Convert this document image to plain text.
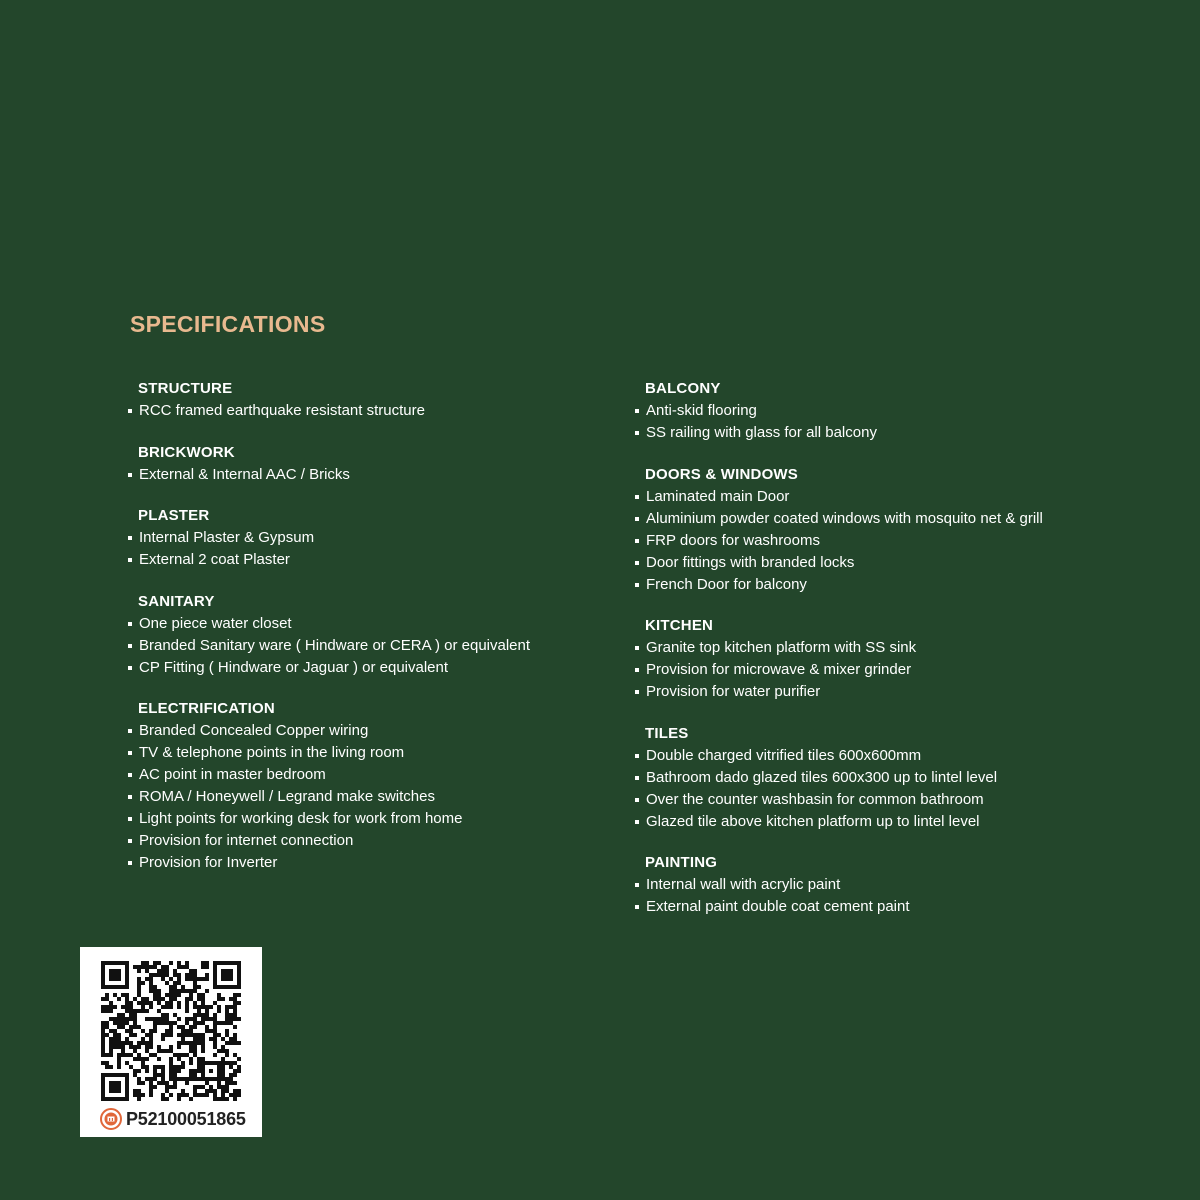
SPECIFICATIONS
STRUCTURE
RCC framed earthquake resistant structure
BRICKWORK
External & Internal AAC / Bricks
PLASTER
Internal Plaster & Gypsum
External 2 coat Plaster
SANITARY
One piece water closet
Branded Sanitary ware ( Hindware or CERA ) or equivalent
CP Fitting ( Hindware or Jaguar ) or equivalent
ELECTRIFICATION
Branded Concealed Copper wiring
TV & telephone points in the living room
AC point in master bedroom
ROMA / Honeywell / Legrand make switches
Light points for working desk for work from home
Provision for internet connection
Provision for Inverter
BALCONY
Anti-skid flooring
SS railing with glass for all balcony
DOORS & WINDOWS
Laminated main Door
Aluminium powder coated windows with mosquito net & grill
FRP doors for washrooms
Door fittings with branded locks
French Door for balcony
KITCHEN
Granite top kitchen platform with SS sink
Provision for microwave & mixer grinder
Provision for water purifier
TILES
Double charged vitrified tiles 600x600mm
Bathroom dado glazed tiles 600x300 up to lintel level
Over the counter washbasin for common bathroom
Glazed tile above kitchen platform up to lintel level
PAINTING
Internal wall with acrylic paint
External paint double coat cement paint
P52100051865
